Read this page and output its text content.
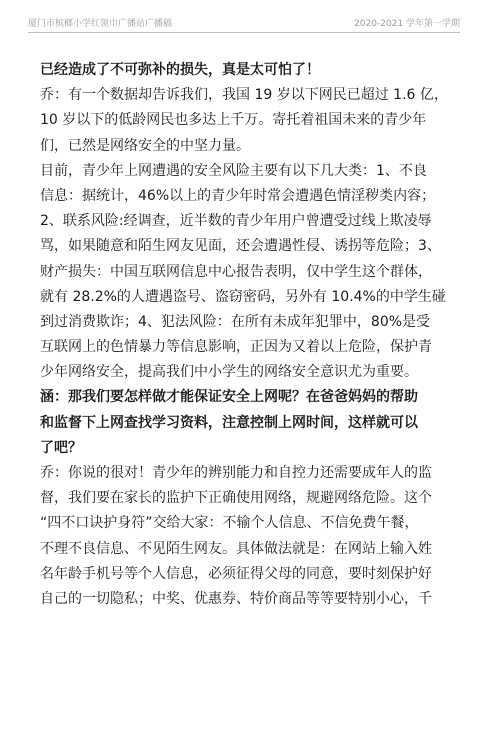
厦门市槟榔小学红领巾广播站广播稿	2020-2021 学年第一学期
已经造成了不可弥补的损失，真是太可怕了！
乔：有一个数据却告诉我们，我国 19 岁以下网民已超过 1.6 亿，
10 岁以下的低龄网民也多达上千万。寄托着祖国未来的青少年
们，已然是网络安全的中坚力量。
目前，青少年上网遭遇的安全风险主要有以下几大类：1、不良
信息：据统计，46%以上的青少年时常会遭遇色情淫秽类内容；
2、联系风险:经调查，近半数的青少年用户曾遭受过线上欺凌辱
骂，如果随意和陌生网友见面，还会遭遇性侵、诱拐等危险；3、
财产损失：中国互联网信息中心报告表明，仅中学生这个群体，
就有 28.2%的人遭遇盗号、盗窃密码，另外有 10.4%的中学生碰
到过消费欺诈；4、犯法风险：在所有未成年犯罪中，80%是受
互联网上的色情暴力等信息影响，正因为又着以上危险，保护青
少年网络安全，提高我们中小学生的网络安全意识尤为重要。
涵：那我们要怎样做才能保证安全上网呢？在爸爸妈妈的帮助
和监督下上网查找学习资料，注意控制上网时间，这样就可以
了吧？
乔：你说的很对！青少年的辨别能力和自控力还需要成年人的监
督，我们要在家长的监护下正确使用网络，规避网络危险。这个
“四不口诀护身符”交给大家：不输个人信息、不信免费午餐，
不理不良信息、不见陌生网友。具体做法就是：在网站上输入姓
名年龄手机号等个人信息，必须征得父母的同意，要时刻保护好
自己的一切隐私；中奖、优惠券、特价商品等等要特别小心，千
